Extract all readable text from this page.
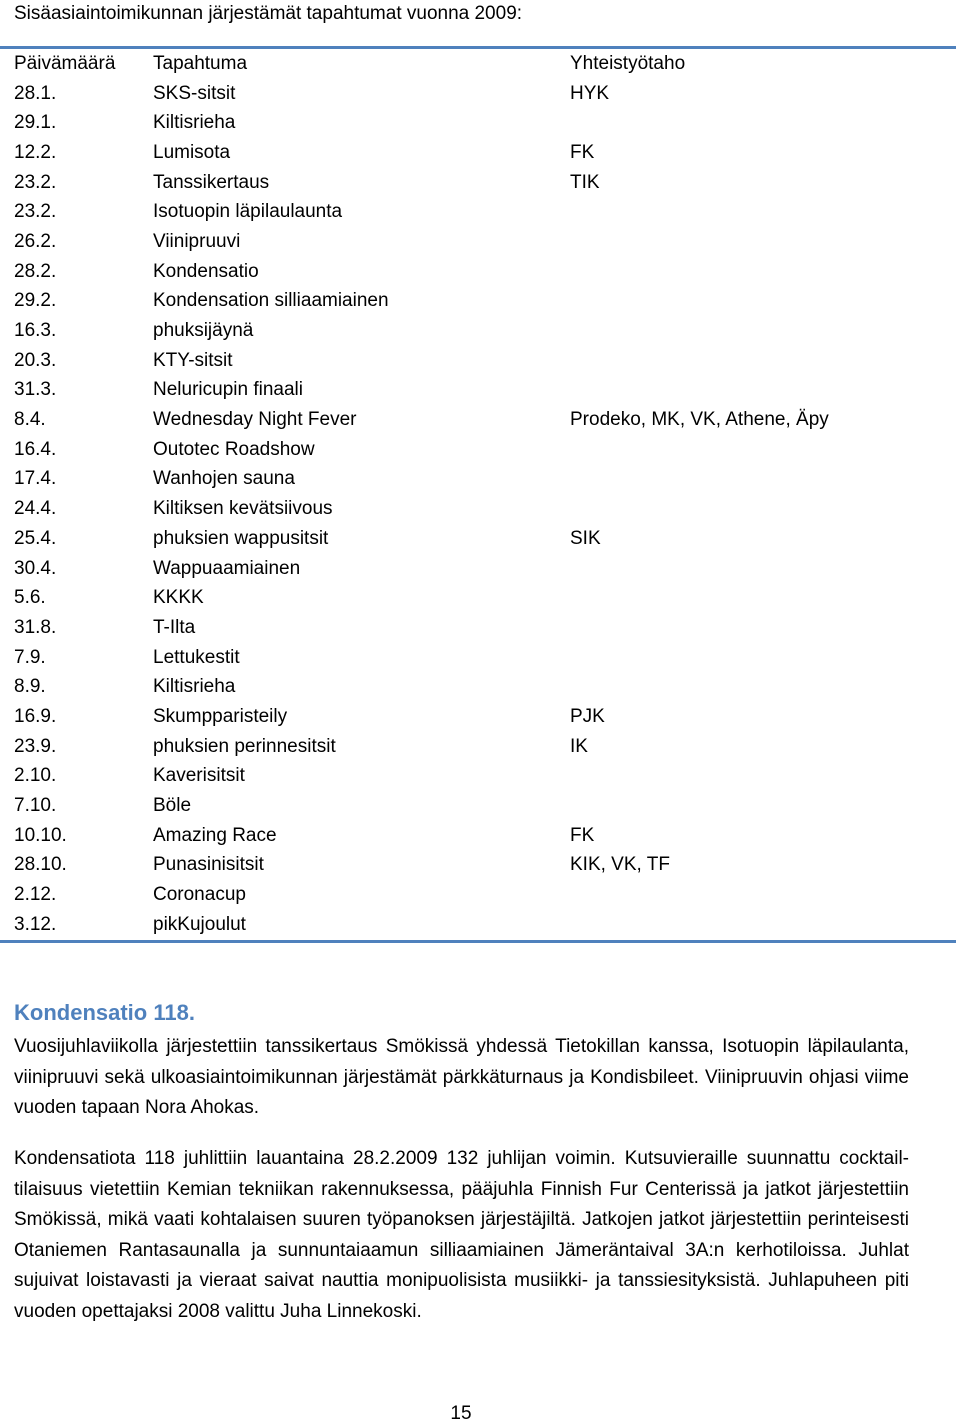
Sisäasiaintoimikunnan järjestämät tapahtumat vuonna 2009:
Päivämäärä	Tapahtuma	Yhteistyötaho
28.1.	SKS-sitsit	HYK
29.1.	Kiltisrieha	
12.2.	Lumisota	FK
23.2.	Tanssikertaus	TIK
23.2.	Isotuopin läpilaulaunta	
26.2.	Viinipruuvi	
28.2.	Kondensatio	
29.2.	Kondensation silliaamiainen	
16.3.	phuksijäynä	
20.3.	KTY-sitsit	
31.3.	Neluricupin finaali	
8.4.	Wednesday Night Fever	Prodeko, MK, VK, Athene, Äpy
16.4.	Outotec Roadshow	
17.4.	Wanhojen sauna	
24.4.	Kiltiksen kevätsiivous	
25.4.	phuksien wappusitsit	SIK
30.4.	Wappuaamiainen	
5.6.	KKKK	
31.8.	T-Ilta	
7.9.	Lettukestit	
8.9.	Kiltisrieha	
16.9.	Skumpparisteily	PJK
23.9.	phuksien perinnesitsit	IK
2.10.	Kaverisitsit	
7.10.	Böle	
10.10.	Amazing Race	FK
28.10.	Punasinisitsit	KIK, VK, TF
2.12.	Coronacup	
3.12.	pikKujoulut	
Kondensatio 118.
Vuosijuhlaviikolla järjestettiin tanssikertaus Smökissä yhdessä Tietokillan kanssa, Isotuopin läpilaulanta, viinipruuvi sekä ulkoasiaintoimikunnan järjestämät pärkkäturnaus ja Kondisbileet. Viinipruuvin ohjasi viime vuoden tapaan Nora Ahokas.
Kondensatiota 118 juhlittiin lauantaina 28.2.2009 132 juhlijan voimin. Kutsuvieraille suunnattu cocktail-tilaisuus vietettiin Kemian tekniikan rakennuksessa, pääjuhla Finnish Fur Centerissä ja jatkot järjestettiin Smökissä, mikä vaati kohtalaisen suuren työpanoksen järjestäjiltä. Jatkojen jatkot järjestettiin perinteisesti Otaniemen Rantasaunalla ja sunnuntaiaamun silliaamiainen Jämeräntaival 3A:n kerhotiloissa. Juhlat sujuivat loistavasti ja vieraat saivat nauttia monipuolisista musiikki- ja tanssiesityksistä. Juhlapuheen piti vuoden opettajaksi 2008 valittu Juha Linnekoski.
15
